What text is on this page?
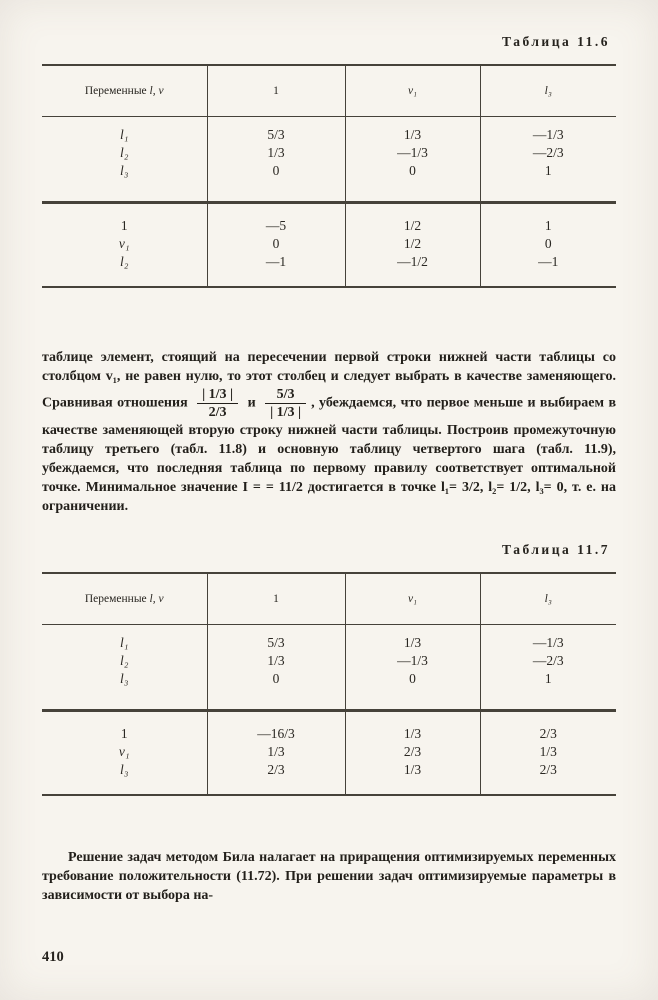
Таблица 11.6
Переменные l, v	1	v₁	l₃
l₁	5/3	1/3	—1/3
l₂	1/3	—1/3	—2/3
l₃	0	0	1
1	—5	1/2	1
v₁	0	1/2	0
l₂	—1	—1/2	—1

таблице элемент, стоящий на пересечении первой строки нижней части таблицы со столбцом v₁, не равен нулю, то этот столбец и следует выбрать в качестве заменяющего. Сравнивая отношения $\frac{| 1/3 |}{2/3}$ и $\frac{5/3}{| 1/3 |}$ , убеждаемся, что первое меньше и выбираем в качестве заменяющей вторую строку нижней части таблицы. Построив промежуточную таблицу третьего (табл. 11.8) и основную таблицу четвертого шага (табл. 11.9), убеждаемся, что последняя таблица по первому правилу соответствует оптимальной точке. Минимальное значение I = = 11/2 достигается в точке l₁= 3/2, l₂= 1/2, l₃= 0, т. е. на ограничении.

Таблица 11.7
Переменные l, v	1	v₁	l₃
l₁	5/3	1/3	—1/3
l₂	1/3	—1/3	—2/3
l₃	0	0	1
1	—16/3	1/3	2/3
v₁	1/3	2/3	1/3
l₃	2/3	1/3	2/3

Решение задач методом Била налагает на приращения оптимизируемых переменных требование положительности (11.72). При решении задач оптимизируемые параметры в зависимости от выбора на-

410
